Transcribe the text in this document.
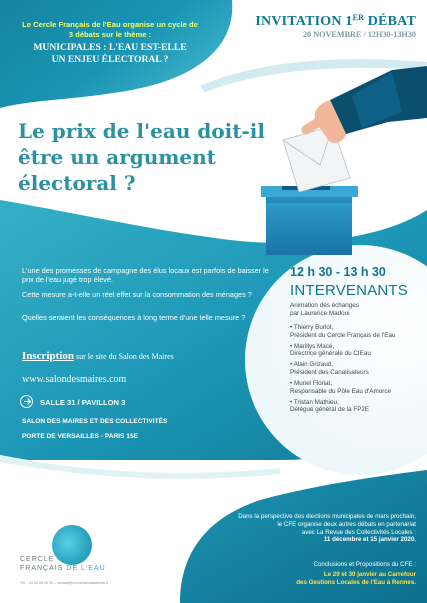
Le Cercle Français de l'Eau organise un cycle de 3 débats sur le thème :
MUNICIPALES : L'EAU EST-ELLE
UN ENJEU ÉLECTORAL ?
INVITATION 1ER DÉBAT
20 NOVEMBRE / 12H30-13H30
Le prix de l'eau doit-il
être un argument
électoral ?
L'une des promesses de campagne des élus locaux est parfois de baisser le prix de l'eau jugé trop élevé.
Cette mesure a-t-elle un réel effet sur la consommation des ménages ?
Quelles seraient les conséquences à long terme d'une telle mesure ?
Inscription sur le site du Salon des Maires
www.salondesmaires.com
SALLE 31 / PAVILLON 3
SALON DES MAIRES ET DES COLLECTIVITÉS
PORTE DE VERSAILLES - PARIS 15E
12 h 30 - 13 h 30
INTERVENANTS
Animation des échanges
par Laurence Madoui
• Thierry Burlot,
Président du Cercle Français de l'Eau
• Marillys Macé,
Directrice générale du CIEau
• Alain Grizaud,
Président des Canalisateurs
• Muriel Floriat,
Responsable du Pôle Eau d'Amorce
• Tristan Mathieu,
Délégué général de la FP2E
CERCLE
FRANÇAIS DE L'EAU
Tél. : 01 40 08 00 09 – contact@cerclefrancaisdeleau.fr
Dans la perspective des élections municipales de mars prochain,
le CFE organise deux autres débats en partenariat
avec La Revue des Collectivités Locales :
11 décembre et 15 janvier 2020.
Conclusions et Propositions du CFE :
Le 29 et 30 janvier au Carrefour
des Gestions Locales de l'Eau à Rennes.
